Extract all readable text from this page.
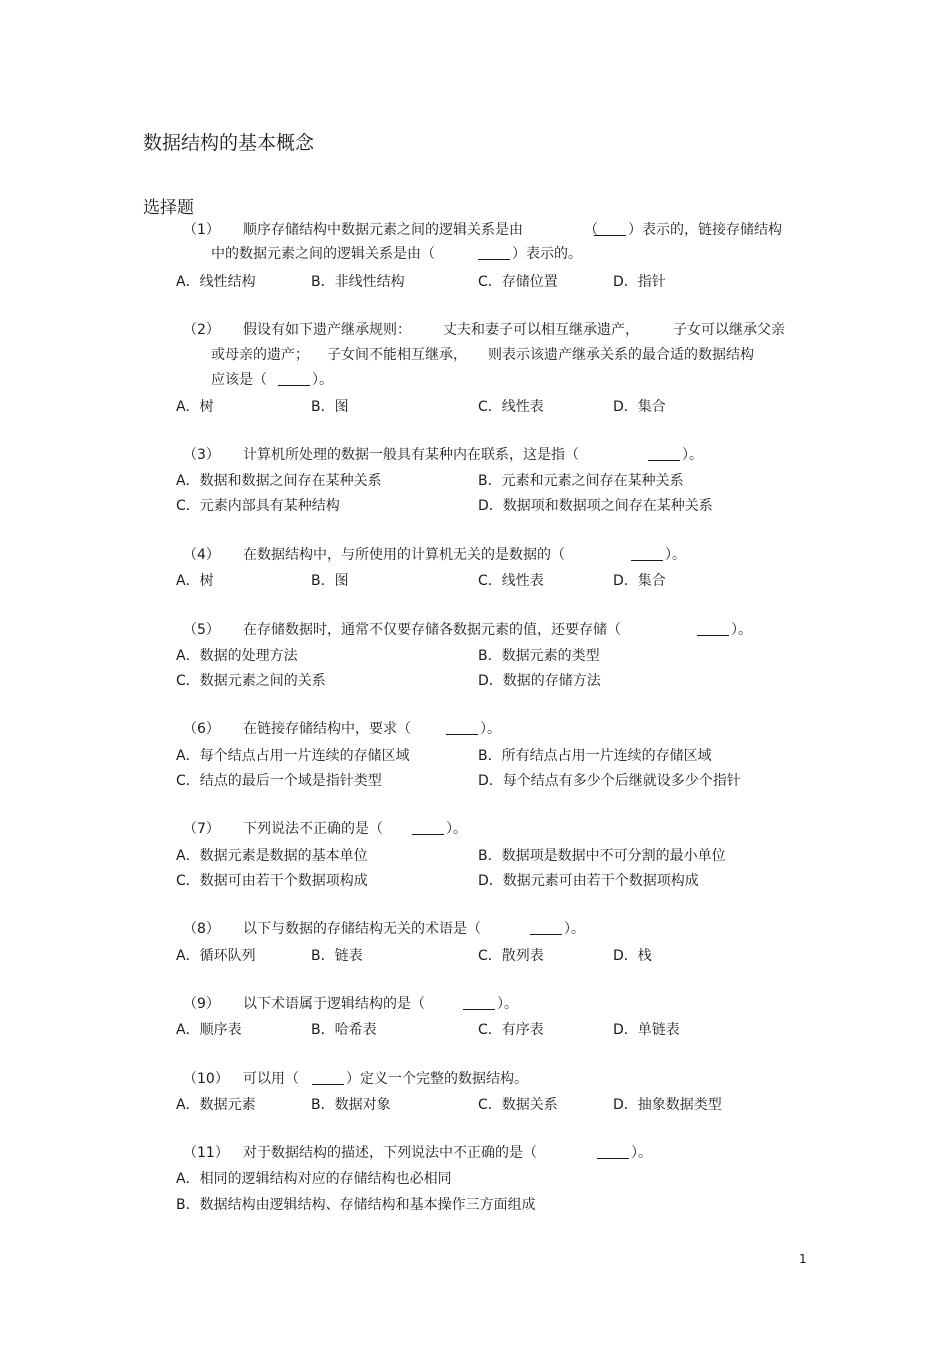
数据结构的基本概念
选择题
（1） 顺序存储结构中数据元素之间的逻辑关系是由	（ ）表示的，链接存储结构
中的数据元素之间的逻辑关系是由（	）表示的。
A．线性结构	B．非线性结构	C．存储位置	D．指针
（2） 假设有如下遗产继承规则： 丈夫和妻子可以相互继承遗产， 子女可以继承父亲
或母亲的遗产； 子女间不能相互继承， 则表示该遗产继承关系的最合适的数据结构
应该是（	）。
A．树	B．图	C．线性表	D．集合
（3） 计算机所处理的数据一般具有某种内在联系，这是指（	）。
A．数据和数据之间存在某种关系	B．元素和元素之间存在某种关系
C．元素内部具有某种结构	D．数据项和数据项之间存在某种关系
（4） 在数据结构中，与所使用的计算机无关的是数据的（	）。
A．树	B．图	C．线性表	D．集合
（5） 在存储数据时，通常不仅要存储各数据元素的值，还要存储（	）。
A．数据的处理方法	B．数据元素的类型
C．数据元素之间的关系	D．数据的存储方法
（6） 在链接存储结构中，要求（	）。
A．每个结点占用一片连续的存储区域	B．所有结点占用一片连续的存储区域
C．结点的最后一个域是指针类型	D．每个结点有多少个后继就设多少个指针
（7） 下列说法不正确的是（	）。
A．数据元素是数据的基本单位	B．数据项是数据中不可分割的最小单位
C．数据可由若干个数据项构成	D．数据元素可由若干个数据项构成
（8） 以下与数据的存储结构无关的术语是（	）。
A．循环队列	B．链表	C．散列表	D．栈
（9） 以下术语属于逻辑结构的是（	）。
A．顺序表	B．哈希表	C．有序表	D．单链表
（10） 可以用（	）定义一个完整的数据结构。
A．数据元素	B．数据对象	C．数据关系	D．抽象数据类型
（11） 对于数据结构的描述，下列说法中不正确的是（	）。
A．相同的逻辑结构对应的存储结构也必相同
B．数据结构由逻辑结构、存储结构和基本操作三方面组成
1
